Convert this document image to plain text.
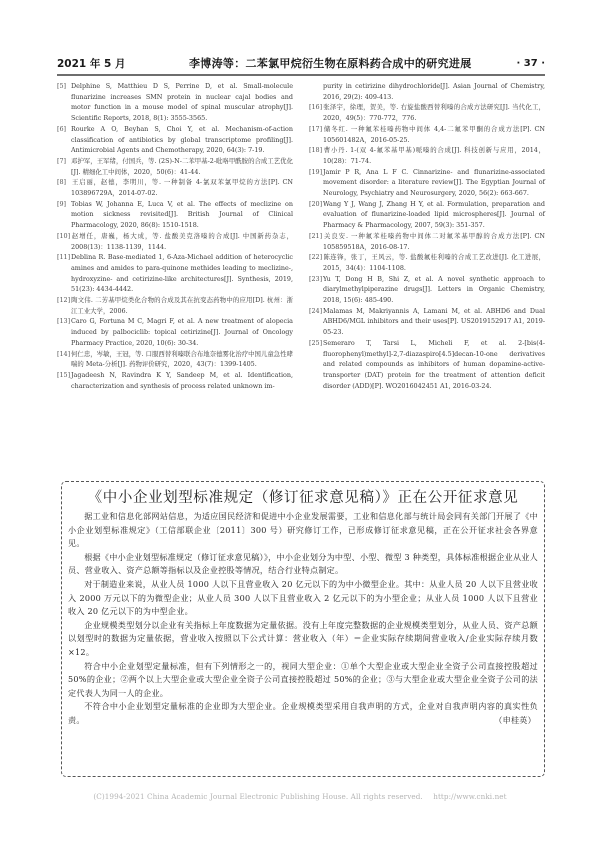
2021 年 5 月	李博涛等：二苯氯甲烷衍生物在原料药合成中的研究进展	· 37 ·
[5] Delphine S, Matthieu D S, Perrine D, et al. Small-molecule flunarizine increases SMN protein in nuclear cajal bodies and motor function in a mouse model of spinal muscular atrophy[J]. Scientific Reports, 2018, 8(1): 3555-3565.
[6] Rourke A O, Beyhan S, Choi Y, et al. Mechanism-of-action classification of antibiotics by global transcriptome profiling[J]. Antimicrobial Agents and Chemotherapy, 2020, 64(3): 7-19.
[7] 邓护军，王军绪，付国兵，等. (2S)-N-二苯甲基-2-吡咯甲酰胺的合成工艺优化[J]. 精细化工中间体，2020，50(6)：41-44.
[8] 王启丽，赵德，李明川，等. 一种制备 4-氯双苯氯甲烷的方法[P]. CN 103896729A，2014-07-02.
[9] Tobias W, Johanna E, Luca V, et al. The effects of meclizine on motion sickness revisited[J]. British Journal of Clinical Pharmacology, 2020, 86(8): 1510-1518.
[10]赵增任，唐巍，杨大成，等. 盐酸美克洛嗪的合成[J]. 中国新药杂志，2008(13)：1138-1139，1144.
[11]Deblina R. Base-mediated 1, 6-Aza-Michael addition of heterocyclic amines and amides to para-quinone methides leading to meclizine-, hydroxyzine- and cetirizine-like architectures[J]. Synthesis, 2019, 51(23): 4434-4442.
[12]陶文伟. 二芳基甲烷类化合物的合成及其在抗变态药物中的应用[D]. 杭州：浙江工业大学，2006.
[13]Caro G, Fortuna M C, Magri F, et al. A new treatment of alopecia induced by palbociclib: topical cetirizine[J]. Journal of Oncology Pharmacy Practice, 2020, 10(6): 30-34.
[14]何仁忠，岑敏，王冠，等. 口服西替利嗪联合布地奈德雾化治疗中国儿童急性哮喘的 Meta-分析[J]. 药物评价研究，2020，43(7)：1399-1405.
[15]Jagadeesh N, Ravindra K Y, Sandeep M, et al. Identification, characterization and synthesis of process related unknown im-
purity in cetirizine dihydrochloride[J]. Asian Journal of Chemistry, 2016, 29(2): 409-413.
[16]张泽宇，徐理，贺美，等. 右旋盐酸西替利嗪的合成方法研究[J]. 当代化工，2020，49(5)：770-772，776.
[17]储冬红. 一种氟苯桂嗪药物中间体 4,4-二氟苯甲酮的合成方法[P]. CN 105601482A，2016-05-25.
[18]曹小丹. 1-(双 4-氟苯基甲基)哌嗪的合成[J]. 科技创新与应用，2014，10(28)：71-74.
[19]Jamir P R, Ana L F C. Cinnarizine- and flunarizine-associated movement disorder: a literature review[J]. The Egyptian Journal of Neurology, Psychiatry and Neurosurgery, 2020, 56(2): 663-667.
[20]Wang Y J, Wang J, Zhang H Y, et al. Formulation, preparation and evaluation of flunarizine-loaded lipid microspheres[J]. Journal of Pharmacy & Pharmacology, 2007, 59(3): 351-357.
[21]关良安. 一种氟苯桂嗪药物中间体二对氟苯基甲醇的合成方法[P]. CN 105859518A，2016-08-17.
[22]陈连锋，张丁，王风云，等. 盐酸氟桂利嗪的合成工艺改进[J]. 化工进展，2015，34(4)：1104-1108.
[23]Yu T, Dong H B, Shi Z, et al. A novel synthetic approach to diarylmethylpiperazine drugs[J]. Letters in Organic Chemistry, 2018, 15(6): 485-490.
[24]Malamas M, Makriyannis A, Lamani M, et al. ABHD6 and Dual ABHD6/MGL inhibitors and their uses[P]. US2019152917 A1, 2019-05-23.
[25]Semeraro T, Tarsi L, Micheli F, et al. 2-[bis(4-fluorophenyl)methyl]-2,7-diazaspiro[4.5]decan-10-one derivatives and related compounds as inhibitors of human dopamine-active-transporter (DAT) protein for the treatment of attention deficit disorder (ADD)[P]. WO2016042451 A1, 2016-03-24.
《中小企业划型标准规定（修订征求意见稿）》正在公开征求意见

据工业和信息化部网站信息，为适应国民经济和促进中小企业发展需要，工业和信息化部与统计局会同有关部门开展了《中小企业划型标准规定》（工信部联企业〔2011〕300 号）研究修订工作，已形成修订征求意见稿，正在公开征求社会各界意见。

根据《中小企业划型标准规定（修订征求意见稿）》，中小企业划分为中型、小型、微型 3 种类型，具体标准根据企业从业人员、营业收入、资产总额等指标以及企业控股等情况，结合行业特点制定。

对于制造业来说，从业人员 1000 人以下且营业收入 20 亿元以下的为中小微型企业。其中：从业人员 20 人以下且营业收入 2000 万元以下的为微型企业；从业人员 300 人以下且营业收入 2 亿元以下的为小型企业；从业人员 1000 人以下且营业收入 20 亿元以下的为中型企业。

企业规模类型划分以企业有关指标上年度数据为定量依据。没有上年度完整数据的企业规模类型划分，从业人员、资产总额以划型时的数据为定量依据，营业收入按照以下公式计算：营业收入（年）＝企业实际存续期间营业收入/企业实际存续月数×12。

符合中小企业划型定量标准，但有下列情形之一的，视同大型企业：①单个大型企业或大型企业全资子公司直接控股超过 50%的企业；②两个以上大型企业或大型企业全资子公司直接控股超过 50%的企业；③与大型企业或大型企业全资子公司的法定代表人为同一人的企业。

不符合中小企业划型定量标准的企业即为大型企业。企业规模类型采用自我声明的方式，企业对自我声明内容的真实性负责。	（申桂英）

(C)1994-2021 China Academic Journal Electronic Publishing House. All rights reserved. http://www.cnki.net
